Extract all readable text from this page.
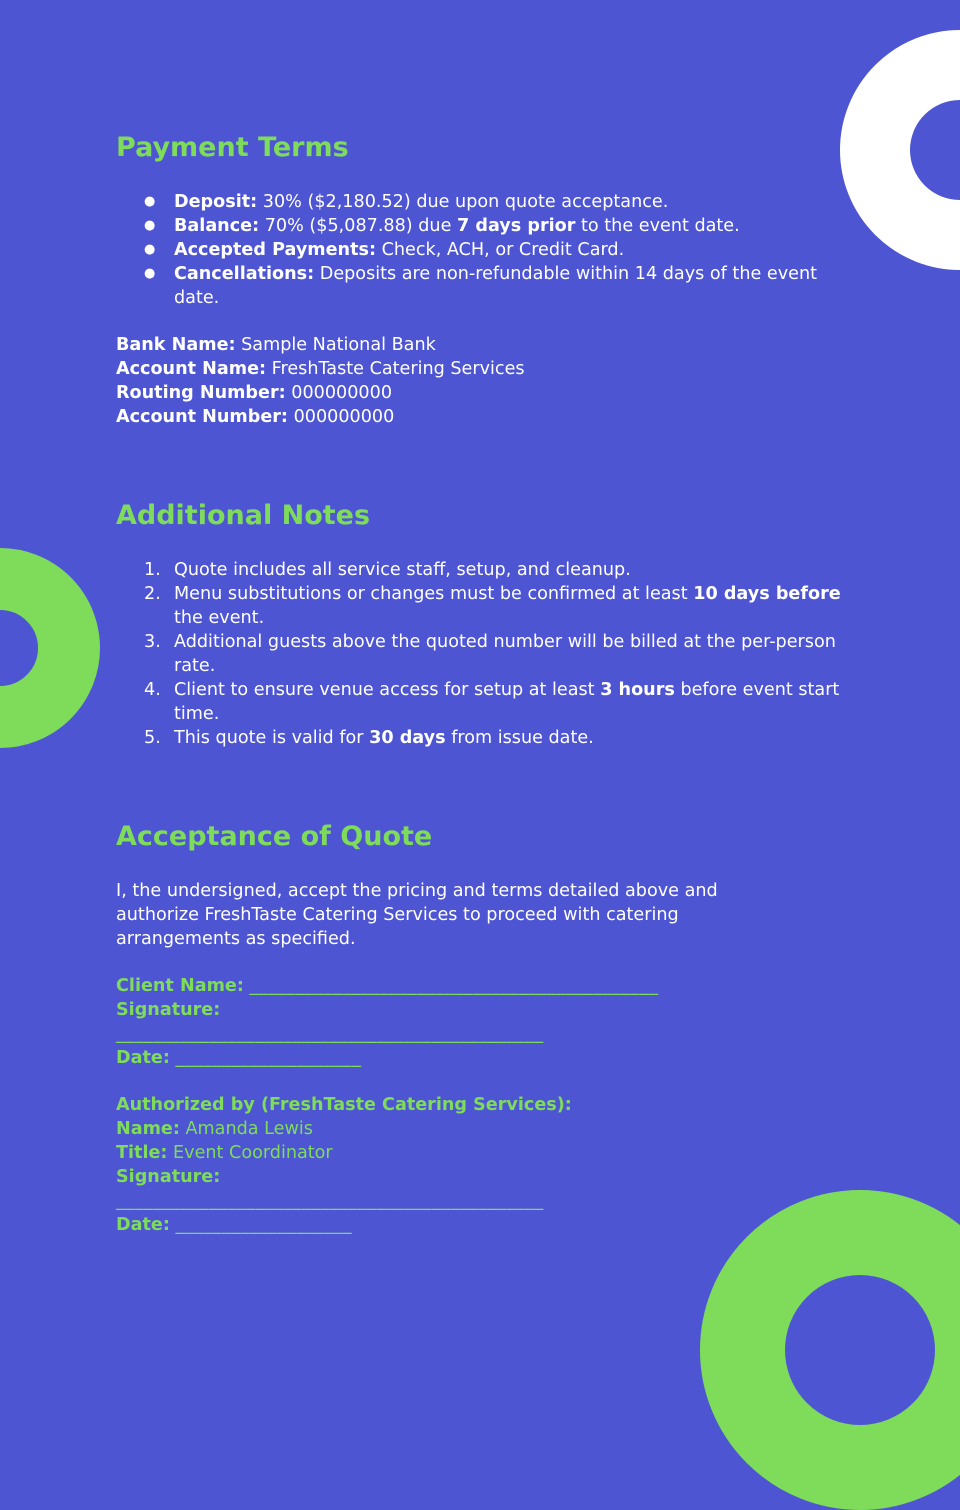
Payment Terms
●	Deposit: 30% ($2,180.52) due upon quote acceptance.
●	Balance: 70% ($5,087.88) due 7 days prior to the event date.
●	Accepted Payments: Check, ACH, or Credit Card.
●	Cancellations: Deposits are non-refundable within 14 days of the event date.
Bank Name: Sample National Bank
Account Name: FreshTaste Catering Services
Routing Number: 000000000
Account Number: 000000000
Additional Notes
1. Quote includes all service staff, setup, and cleanup.
2. Menu substitutions or changes must be confirmed at least 10 days before the event.
3. Additional guests above the quoted number will be billed at the per-person rate.
4. Client to ensure venue access for setup at least 3 hours before event start time.
5. This quote is valid for 30 days from issue date.
Acceptance of Quote
I, the undersigned, accept the pricing and terms detailed above and authorize FreshTaste Catering Services to proceed with catering arrangements as specified.
Client Name: ____________________________________________
Signature:
______________________________________________
Date: ____________________
Authorized by (FreshTaste Catering Services):
Name: Amanda Lewis
Title: Event Coordinator
Signature:
______________________________________________
Date: ___________________
